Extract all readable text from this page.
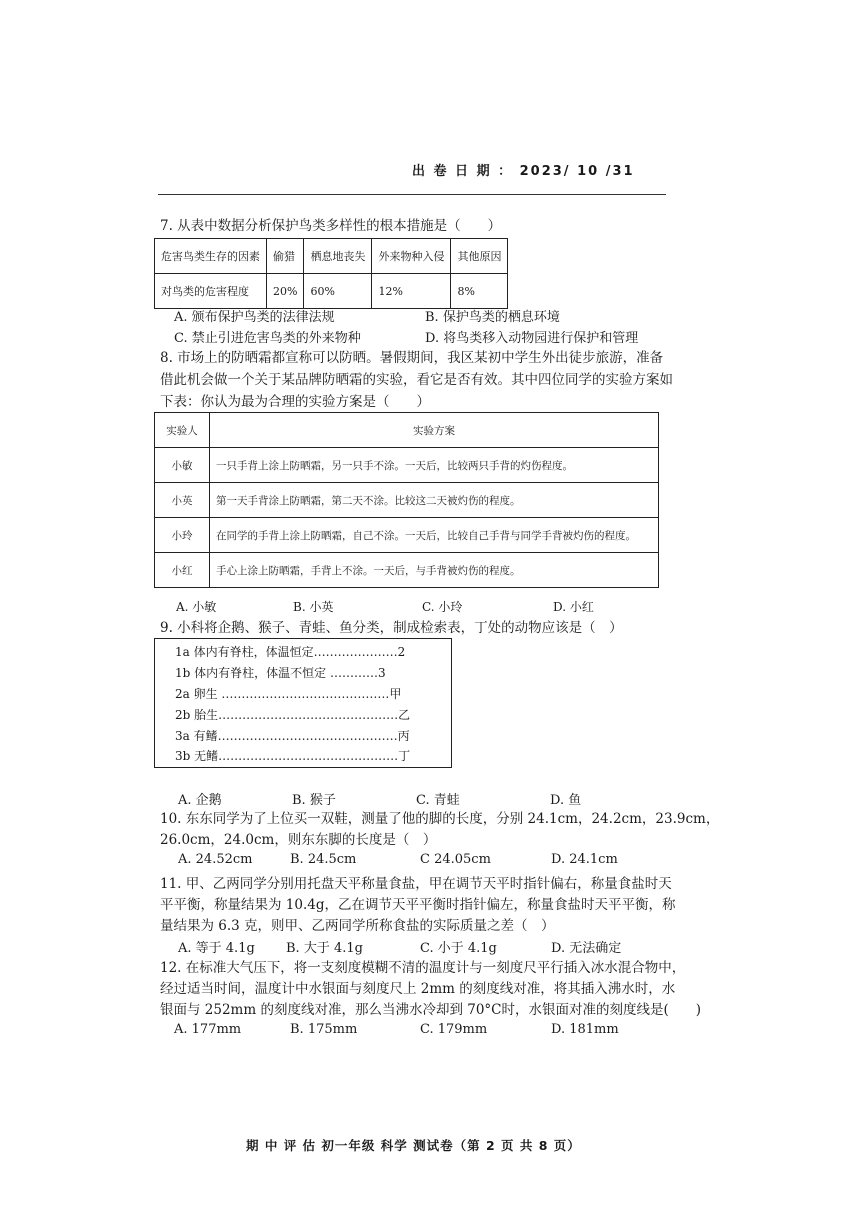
出 卷 日 期 ： 2023/ 10 /31
7. 从表中数据分析保护鸟类多样性的根本措施是（　　）
危害鸟类生存的因素	偷猎	栖息地丧失	外来物种入侵	其他原因
对鸟类的危害程度	20%	60%	12%	8%
A. 颁布保护鸟类的法律法规	B. 保护鸟类的栖息环境
C. 禁止引进危害鸟类的外来物种	D. 将鸟类移入动物园进行保护和管理
8. 市场上的防晒霜都宣称可以防晒。暑假期间，我区某初中学生外出徒步旅游，准备
借此机会做一个关于某品牌防晒霜的实验，看它是否有效。其中四位同学的实验方案如
下表：你认为最为合理的实验方案是（　　）
实验人	实验方案
小敏	一只手背上涂上防晒霜，另一只手不涂。一天后，比较两只手背的灼伤程度。
小英	第一天手背涂上防晒霜，第二天不涂。比较这二天被灼伤的程度。
小玲	在同学的手背上涂上防晒霜，自己不涂。一天后，比较自己手背与同学手背被灼伤的程度。
小红	手心上涂上防晒霜，手背上不涂。一天后，与手背被灼伤的程度。
A. 小敏	B. 小英	C. 小玲	D. 小红
9. 小科将企鹅、猴子、青蛙、鱼分类，制成检索表，丁处的动物应该是（　）
1a 体内有脊柱，体温恒定…………………2
1b 体内有脊柱，体温不恒定 …………3
2a 卵生 ……………………………………甲
2b 胎生………………………………………乙
3a 有鳍………………………………………丙
3b 无鳍………………………………………丁
A. 企鹅	B. 猴子	C. 青蛙	D. 鱼
10. 东东同学为了上位买一双鞋，测量了他的脚的长度，分别 24.1cm，24.2cm，23.9cm，
26.0cm，24.0cm，则东东脚的长度是（　）
A. 24.52cm	B. 24.5cm	C 24.05cm	D. 24.1cm
11. 甲、乙两同学分别用托盘天平称量食盐，甲在调节天平时指针偏右，称量食盐时天
平平衡，称量结果为 10.4g，乙在调节天平平衡时指针偏左，称量食盐时天平平衡，称
量结果为 6.3 克，则甲、乙两同学所称食盐的实际质量之差（　）
A. 等于 4.1g B. 大于 4.1g	C. 小于 4.1g	D. 无法确定
12. 在标准大气压下，将一支刻度模糊不清的温度计与一刻度尺平行插入冰水混合物中，
经过适当时间，温度计中水银面与刻度尺上 2mm 的刻度线对准，将其插入沸水时，水
银面与 252mm 的刻度线对准，那么当沸水冷却到 70°C时，水银面对准的刻度线是(　　)
A. 177mm	B. 175mm	C. 179mm	D. 181mm
期 中 评 估 初一年级 科学 测试卷（第 2 页 共 8 页）
